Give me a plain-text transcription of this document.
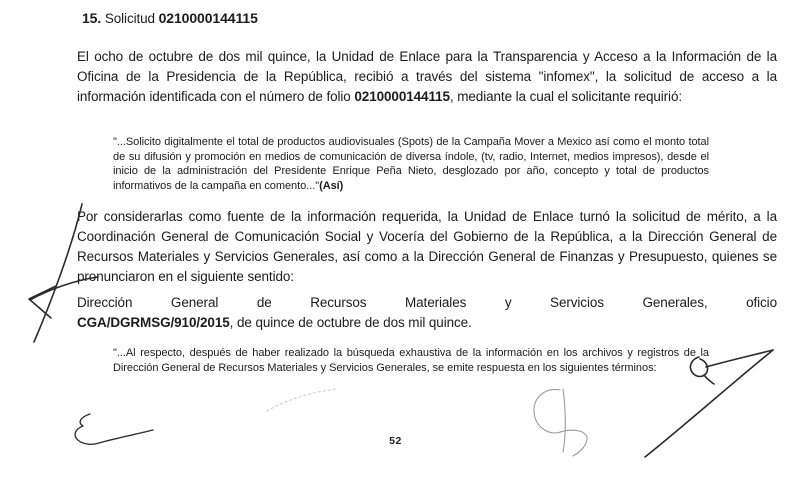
15. Solicitud 0210000144115

El ocho de octubre de dos mil quince, la Unidad de Enlace para la Transparencia y Acceso a la Información de la Oficina de la Presidencia de la República, recibió a través del sistema "infomex", la solicitud de acceso a la información identificada con el número de folio 0210000144115, mediante la cual el solicitante requirió:

"...Solicito digitalmente el total de productos audiovisuales (Spots) de la Campaña Mover a Mexico así como el monto total de su difusión y promoción en medios de comunicación de diversa índole, (tv, radio, Internet, medios impresos), desde el inicio de la administración del Presidente Enrique Peña Nieto, desglozado por año, concepto y total de productos informativos de la campaña en comento..."(Así)

Por considerarlas como fuente de la información requerida, la Unidad de Enlace turnó la solicitud de mérito, a la Coordinación General de Comunicación Social y Vocería del Gobierno de la República, a la Dirección General de Recursos Materiales y Servicios Generales, así como a la Dirección General de Finanzas y Presupuesto, quienes se pronunciaron en el siguiente sentido:

Dirección General de Recursos Materiales y Servicios Generales, oficio
CGA/DGRMSG/910/2015, de quince de octubre de dos mil quince.

"...Al respecto, después de haber realizado la búsqueda exhaustiva de la información en los archivos y registros de la Dirección General de Recursos Materiales y Servicios Generales, se emite respuesta en los siguientes términos:

52
